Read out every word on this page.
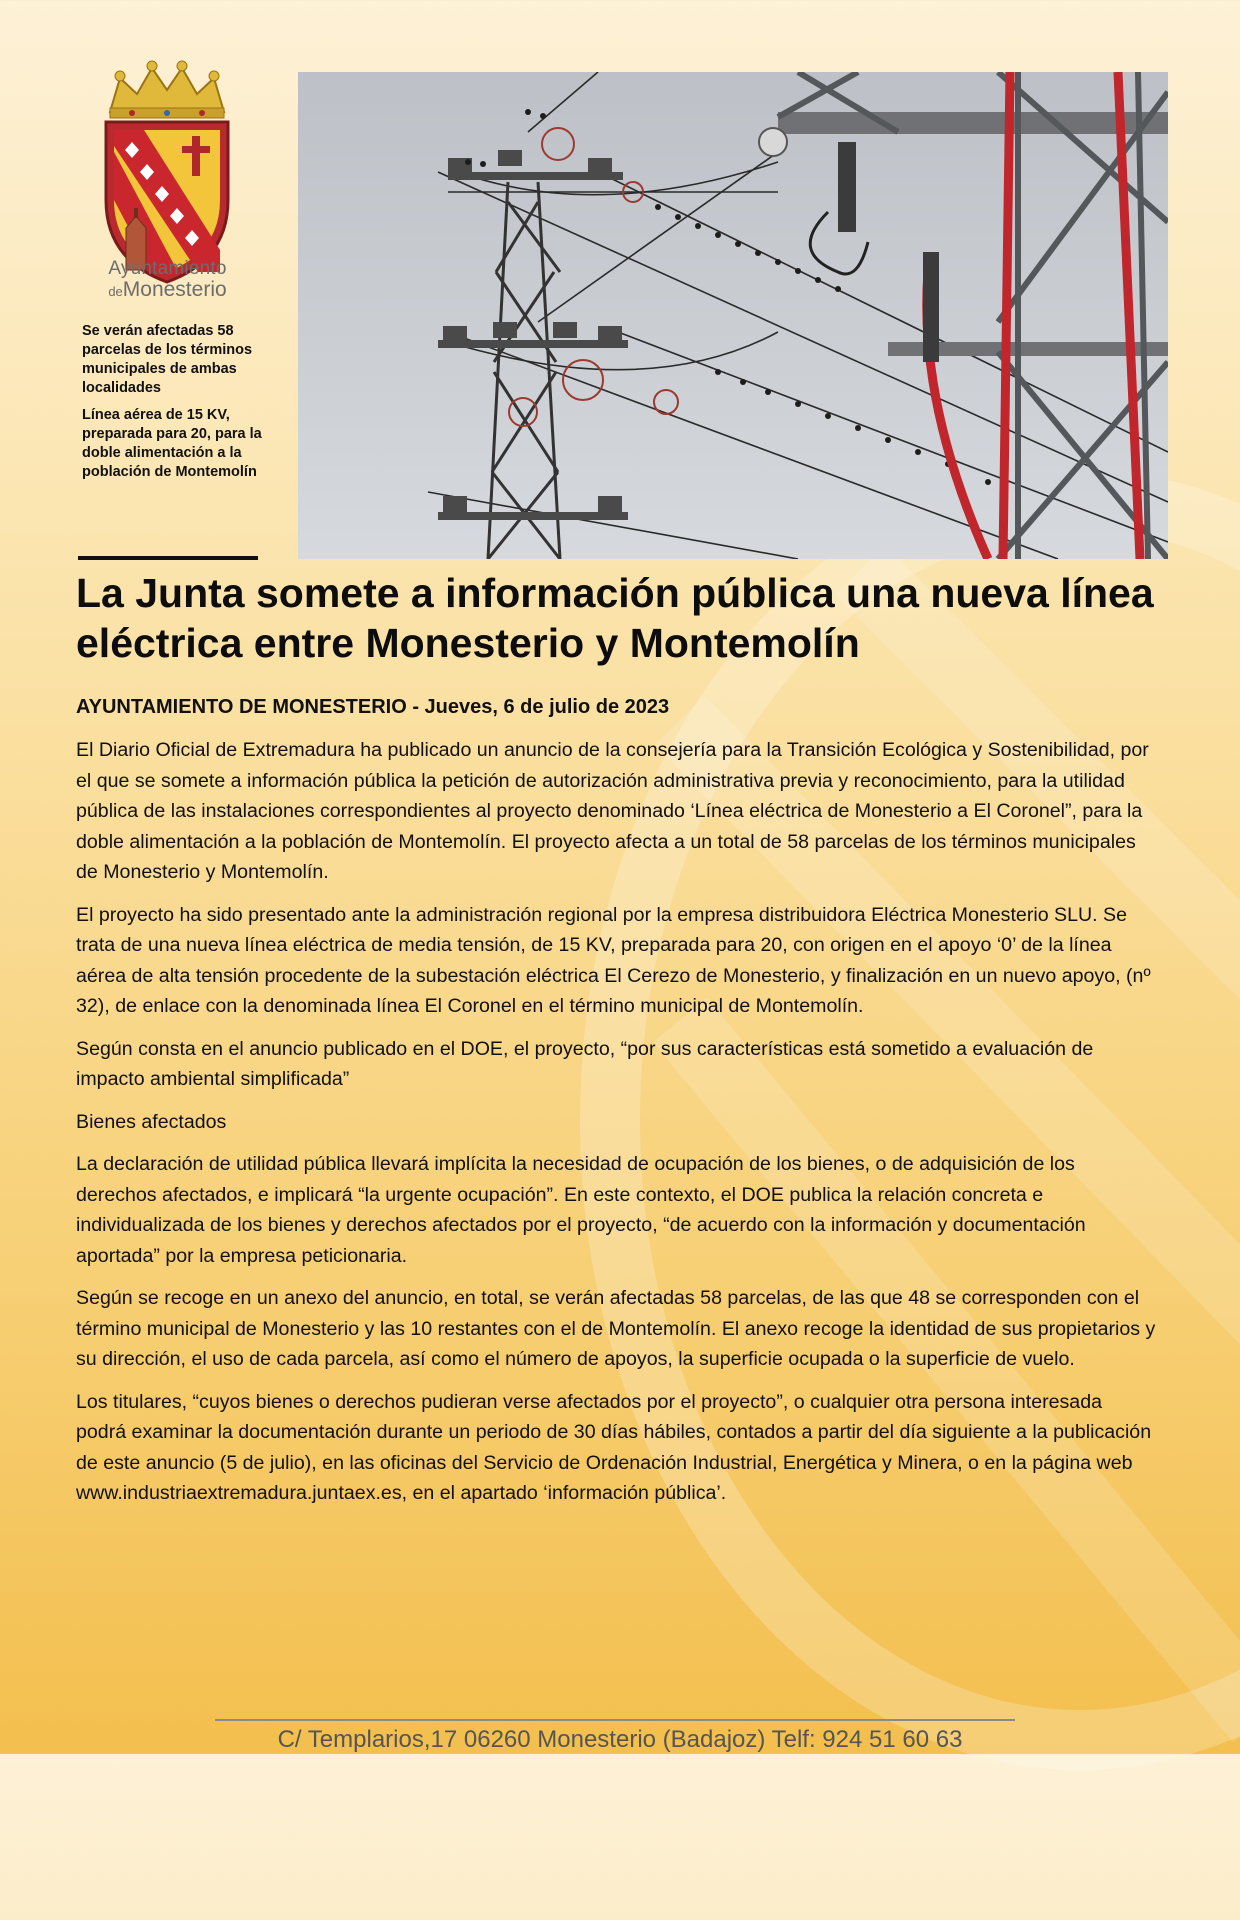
Ayuntamiento
deMonesterio
Se verán afectadas 58 parcelas de los términos municipales de ambas localidades
Línea aérea de 15 KV, preparada para 20, para la doble alimentación a la población de Montemolín
La Junta somete a información pública una nueva línea eléctrica entre Monesterio y Montemolín
AYUNTAMIENTO DE MONESTERIO - Jueves, 6 de julio de 2023

El Diario Oficial de Extremadura ha publicado un anuncio de la consejería para la Transición Ecológica y Sostenibilidad, por el que se somete a información pública la petición de autorización administrativa previa y reconocimiento, para la utilidad pública de las instalaciones correspondientes al proyecto denominado ‘Línea eléctrica de Monesterio a El Coronel”, para la doble alimentación a la población de Montemolín. El proyecto afecta a un total de 58 parcelas de los términos municipales de Monesterio y Montemolín.

El proyecto ha sido presentado ante la administración regional por la empresa distribuidora Eléctrica Monesterio SLU. Se trata de una nueva línea eléctrica de media tensión, de 15 KV, preparada para 20, con origen en el apoyo ‘0’ de la línea aérea de alta tensión procedente de la subestación eléctrica El Cerezo de Monesterio, y finalización en un nuevo apoyo, (nº 32), de enlace con la denominada línea El Coronel en el término municipal de Montemolín.

Según consta en el anuncio publicado en el DOE, el proyecto, “por sus características está sometido a evaluación de impacto ambiental simplificada”

Bienes afectados

La declaración de utilidad pública llevará implícita la necesidad de ocupación de los bienes, o de adquisición de los derechos afectados, e implicará “la urgente ocupación”. En este contexto, el DOE publica la relación concreta e individualizada de los bienes y derechos afectados por el proyecto, “de acuerdo con la información y documentación aportada” por la empresa peticionaria.

Según se recoge en un anexo del anuncio, en total, se verán afectadas 58 parcelas, de las que 48 se corresponden con el término municipal de Monesterio y las 10 restantes con el de Montemolín. El anexo recoge la identidad de sus propietarios y su dirección, el uso de cada parcela, así como el número de apoyos, la superficie ocupada o la superficie de vuelo.

Los titulares, “cuyos bienes o derechos pudieran verse afectados por el proyecto”, o cualquier otra persona interesada podrá examinar la documentación durante un periodo de 30 días hábiles, contados a partir del día siguiente a la publicación de este anuncio (5 de julio), en las oficinas del Servicio de Ordenación Industrial, Energética y Minera, o en la página web www.industriaextremadura.juntaex.es, en el apartado ‘información pública’.

C/ Templarios,17 06260 Monesterio (Badajoz) Telf: 924 51 60 63
